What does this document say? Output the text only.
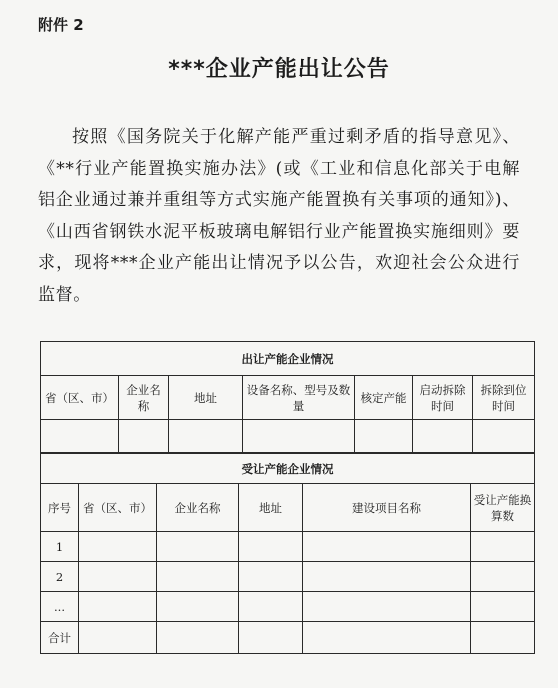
附件 2
***企业产能出让公告
按照《国务院关于化解产能严重过剩矛盾的指导意见》、《**行业产能置换实施办法》(或《工业和信息化部关于电解铝企业通过兼并重组等方式实施产能置换有关事项的通知》)、《山西省钢铁水泥平板玻璃电解铝行业产能置换实施细则》要求，现将***企业产能出让情况予以公告，欢迎社会公众进行监督。
出让产能企业情况						
省（区、市）	企业名称	地址	设备名称、型号及数量	核定产能	启动拆除时间	拆除到位时间

受让产能企业情况					
序号	省（区、市）	企业名称	地址	建设项目名称	受让产能换算数
1					
2					
...					
合计					
